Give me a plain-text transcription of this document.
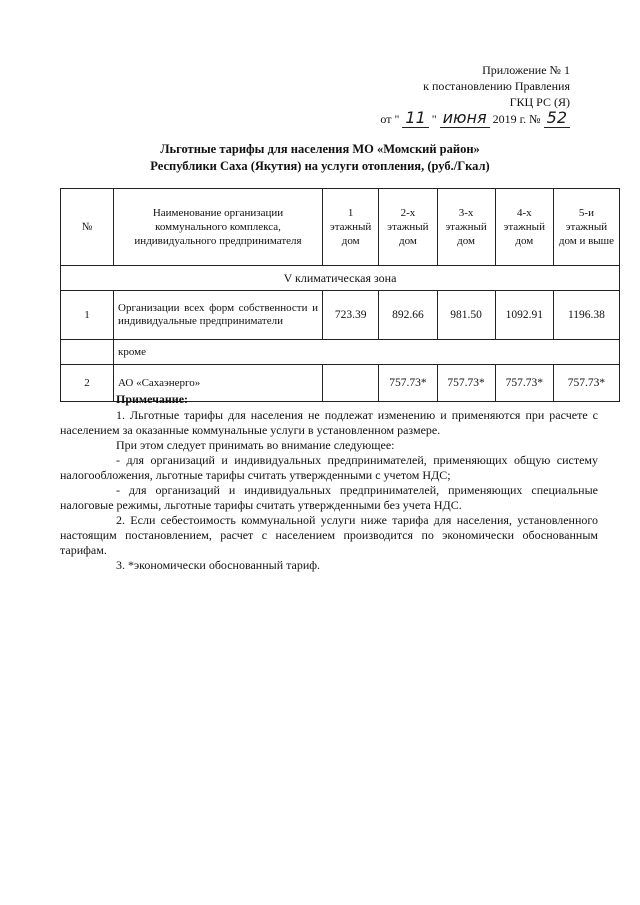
Приложение № 1
к постановлению Правления
ГКЦ РС (Я)
от " 11 " июня 2019 г. № 52
Льготные тарифы для населения МО «Момский район»
Республики Саха (Якутия) на услуги отопления, (руб./Гкал)
№	Наименование организации коммунального комплекса, индивидуального предпринимателя	1 этажный дом	2-х этажный дом	3-х этажный дом	4-х этажный дом	5-и этажный дом и выше
V климатическая зона						
1	Организации всех форм собственности и индивидуальные предприниматели	723.39	892.66	981.50	1092.91	1196.38
	кроме					
2	АО «Сахаэнерго»		757.73*	757.73*	757.73*	757.73*
Примечание:

1. Льготные тарифы для населения не подлежат изменению и применяются при расчете с населением за оказанные коммунальные услуги в установленном размере.

При этом следует принимать во внимание следующее:

- для организаций и индивидуальных предпринимателей, применяющих общую систему налогообложения, льготные тарифы считать утвержденными с учетом НДС;

- для организаций и индивидуальных предпринимателей, применяющих специальные налоговые режимы, льготные тарифы считать утвержденными без учета НДС.

2. Если себестоимость коммунальной услуги ниже тарифа для населения, установленного настоящим постановлением, расчет с населением производится по экономически обоснованным тарифам.

3. *экономически обоснованный тариф.
